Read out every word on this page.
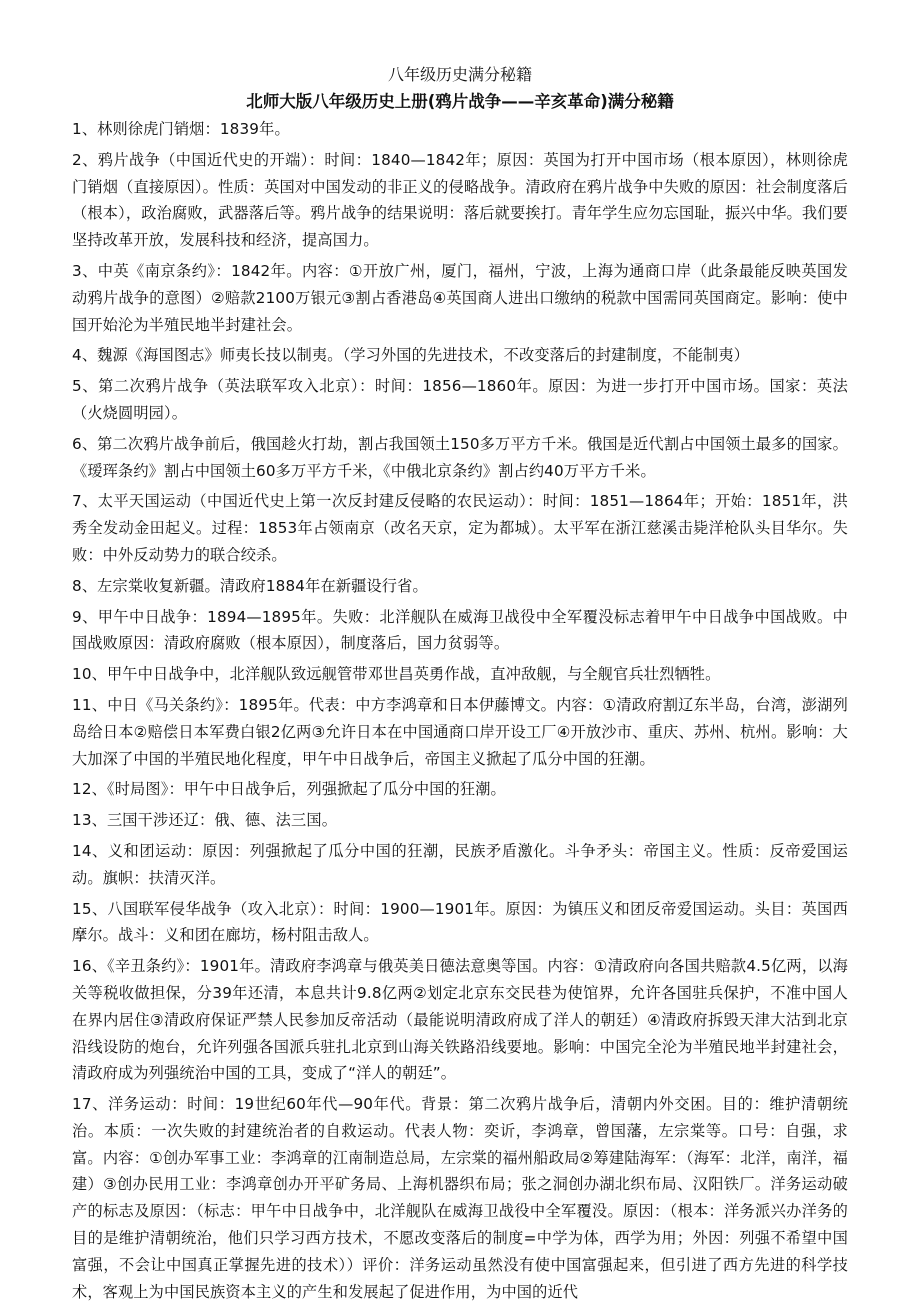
八年级历史满分秘籍

北师大版八年级历史上册(鸦片战争——辛亥革命)满分秘籍

1、林则徐虎门销烟：1839年。

2、鸦片战争（中国近代史的开端）：时间：1840—1842年；原因：英国为打开中国市场（根本原因），林则徐虎门销烟（直接原因）。性质：英国对中国发动的非正义的侵略战争。清政府在鸦片战争中失败的原因：社会制度落后（根本），政治腐败，武器落后等。鸦片战争的结果说明：落后就要挨打。青年学生应勿忘国耻，振兴中华。我们要坚持改革开放，发展科技和经济，提高国力。

3、中英《南京条约》：1842年。内容：①开放广州，厦门，福州，宁波，上海为通商口岸（此条最能反映英国发动鸦片战争的意图）②赔款2100万银元③割占香港岛④英国商人进出口缴纳的税款中国需同英国商定。影响：使中国开始沦为半殖民地半封建社会。

4、魏源《海国图志》师夷长技以制夷。（学习外国的先进技术，不改变落后的封建制度，不能制夷）

5、第二次鸦片战争（英法联军攻入北京）：时间：1856—1860年。原因：为进一步打开中国市场。国家：英法（火烧圆明园）。

6、第二次鸦片战争前后，俄国趁火打劫，割占我国领土150多万平方千米。俄国是近代割占中国领土最多的国家。《瑷珲条约》割占中国领土60多万平方千米，《中俄北京条约》割占约40万平方千米。

7、太平天国运动（中国近代史上第一次反封建反侵略的农民运动）：时间：1851—1864年；开始：1851年，洪秀全发动金田起义。过程：1853年占领南京（改名天京，定为都城）。太平军在浙江慈溪击毙洋枪队头目华尔。失败：中外反动势力的联合绞杀。

8、左宗棠收复新疆。清政府1884年在新疆设行省。

9、甲午中日战争：1894—1895年。失败：北洋舰队在威海卫战役中全军覆没标志着甲午中日战争中国战败。中国战败原因：清政府腐败（根本原因），制度落后，国力贫弱等。

10、甲午中日战争中，北洋舰队致远舰管带邓世昌英勇作战，直冲敌舰，与全舰官兵壮烈牺牲。

11、中日《马关条约》：1895年。代表：中方李鸿章和日本伊藤博文。内容：①清政府割辽东半岛，台湾，澎湖列岛给日本②赔偿日本军费白银2亿两③允许日本在中国通商口岸开设工厂④开放沙市、重庆、苏州、杭州。影响：大大加深了中国的半殖民地化程度，甲午中日战争后，帝国主义掀起了瓜分中国的狂潮。

12、《时局图》：甲午中日战争后，列强掀起了瓜分中国的狂潮。

13、三国干涉还辽：俄、德、法三国。

14、义和团运动：原因：列强掀起了瓜分中国的狂潮，民族矛盾激化。斗争矛头：帝国主义。性质：反帝爱国运动。旗帜：扶清灭洋。

15、八国联军侵华战争（攻入北京）：时间：1900—1901年。原因：为镇压义和团反帝爱国运动。头目：英国西摩尔。战斗：义和团在廊坊，杨村阻击敌人。

16、《辛丑条约》：1901年。清政府李鸿章与俄英美日德法意奥等国。内容：①清政府向各国共赔款4.5亿两，以海关等税收做担保，分39年还清，本息共计9.8亿两②划定北京东交民巷为使馆界，允许各国驻兵保护，不准中国人在界内居住③清政府保证严禁人民参加反帝活动（最能说明清政府成了洋人的朝廷）④清政府拆毁天津大沽到北京沿线设防的炮台，允许列强各国派兵驻扎北京到山海关铁路沿线要地。影响：中国完全沦为半殖民地半封建社会，清政府成为列强统治中国的工具，变成了“洋人的朝廷”。

17、洋务运动：时间：19世纪60年代—90年代。背景：第二次鸦片战争后，清朝内外交困。目的：维护清朝统治。本质：一次失败的封建统治者的自救运动。代表人物：奕䜣，李鸿章，曾国藩，左宗棠等。口号：自强，求富。内容：①创办军事工业：李鸿章的江南制造总局，左宗棠的福州船政局②筹建陆海军：（海军：北洋，南洋，福建）③创办民用工业：李鸿章创办开平矿务局、上海机器织布局；张之洞创办湖北织布局、汉阳铁厂。洋务运动破产的标志及原因：（标志：甲午中日战争中，北洋舰队在威海卫战役中全军覆没。原因：（根本：洋务派兴办洋务的目的是维护清朝统治，他们只学习西方技术，不愿改变落后的制度=中学为体，西学为用；外因：列强不希望中国富强，不会让中国真正掌握先进的技术））评价：洋务运动虽然没有使中国富强起来，但引进了西方先进的科学技术，客观上为中国民族资本主义的产生和发展起了促进作用，为中国的近代
